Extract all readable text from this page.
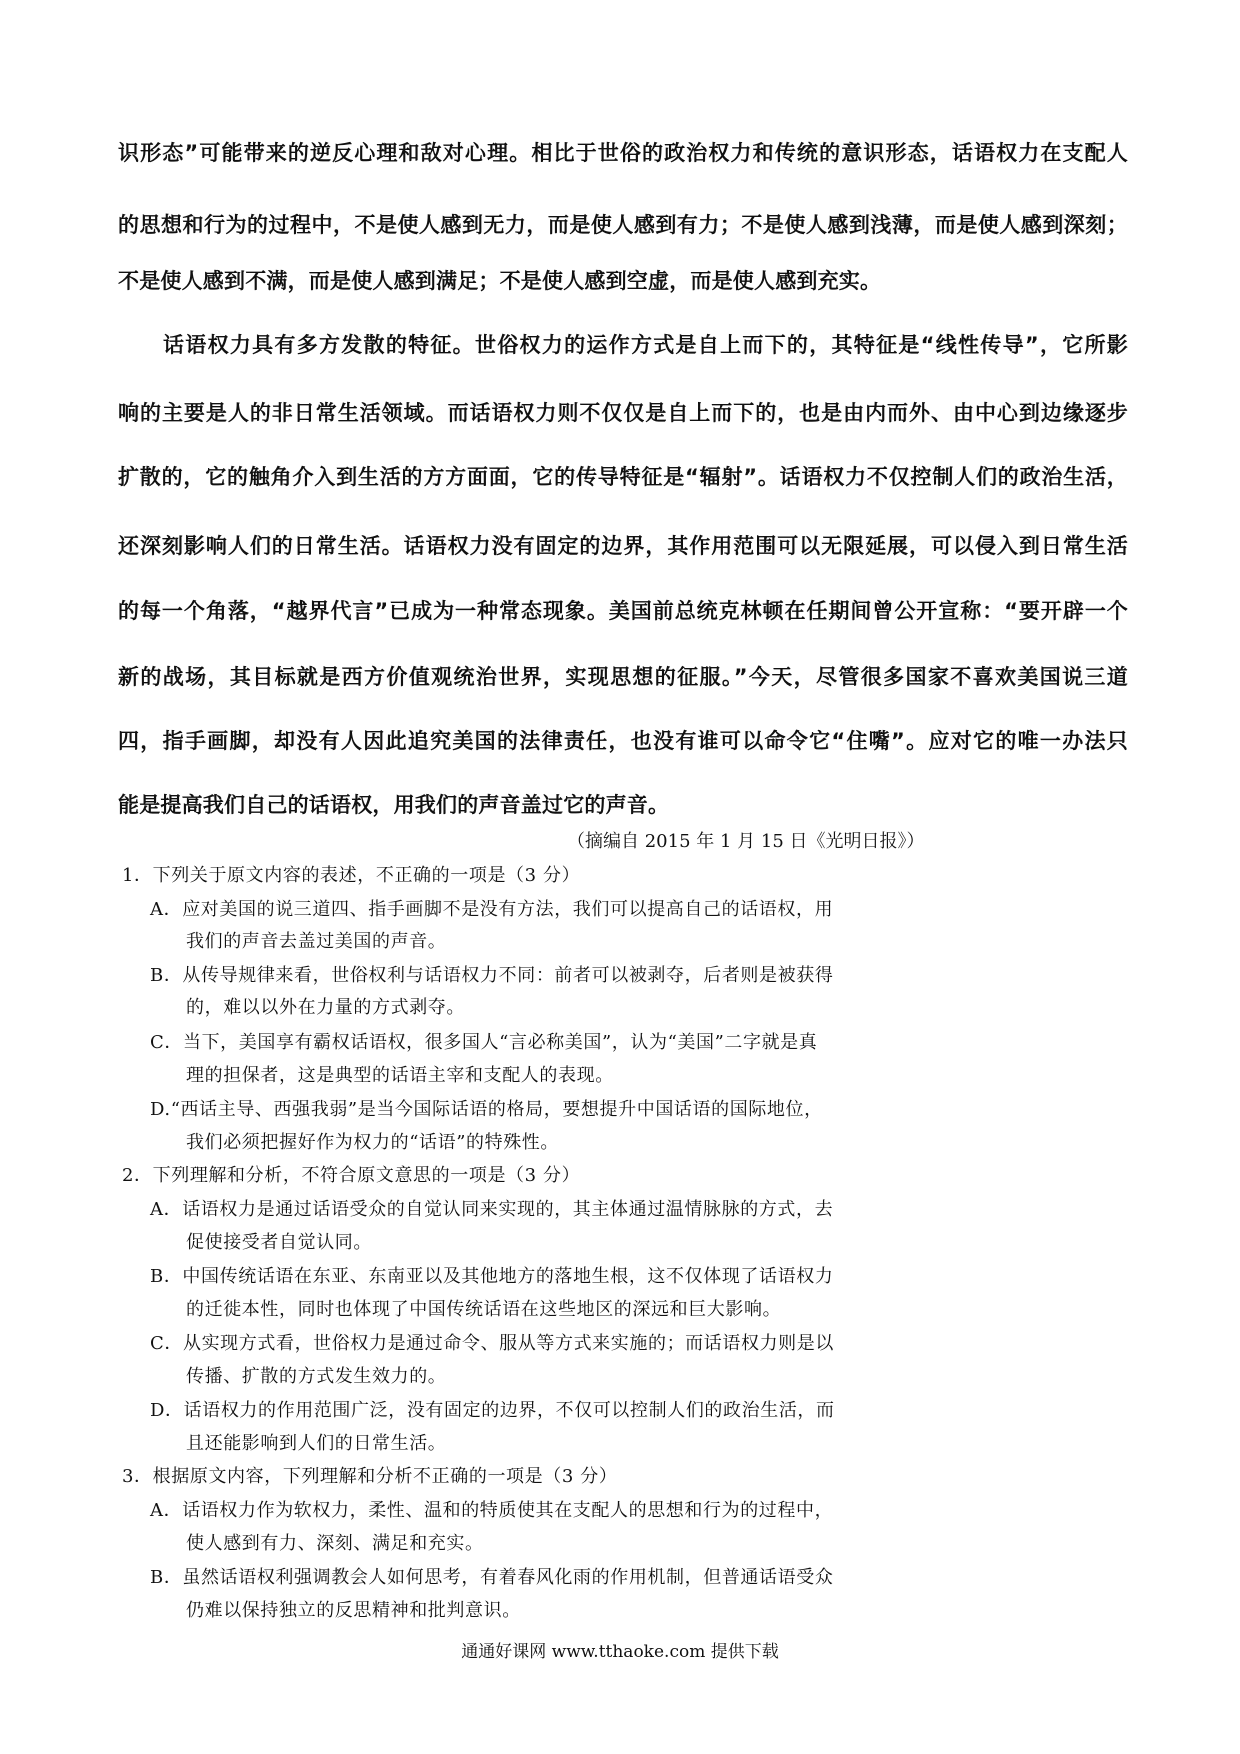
识形态”可能带来的逆反心理和敌对心理。相比于世俗的政治权力和传统的意识形态，话语权力在支配人
的思想和行为的过程中，不是使人感到无力，而是使人感到有力；不是使人感到浅薄，而是使人感到深刻；
不是使人感到不满，而是使人感到满足；不是使人感到空虚，而是使人感到充实。
话语权力具有多方发散的特征。世俗权力的运作方式是自上而下的，其特征是“线性传导”，它所影
响的主要是人的非日常生活领域。而话语权力则不仅仅是自上而下的，也是由内而外、由中心到边缘逐步
扩散的，它的触角介入到生活的方方面面，它的传导特征是“辐射”。话语权力不仅控制人们的政治生活，
还深刻影响人们的日常生活。话语权力没有固定的边界，其作用范围可以无限延展，可以侵入到日常生活
的每一个角落，“越界代言”已成为一种常态现象。美国前总统克林顿在任期间曾公开宣称：“要开辟一个
新的战场，其目标就是西方价值观统治世界，实现思想的征服。”今天，尽管很多国家不喜欢美国说三道
四，指手画脚，却没有人因此追究美国的法律责任，也没有谁可以命令它“住嘴”。应对它的唯一办法只
能是提高我们自己的话语权，用我们的声音盖过它的声音。
（摘编自 2015 年 1 月 15 日《光明日报》）
1．下列关于原文内容的表述，不正确的一项是（3 分）
A．应对美国的说三道四、指手画脚不是没有方法，我们可以提高自己的话语权，用
我们的声音去盖过美国的声音。
B．从传导规律来看，世俗权利与话语权力不同：前者可以被剥夺，后者则是被获得
的，难以以外在力量的方式剥夺。
C．当下，美国享有霸权话语权，很多国人“言必称美国”，认为“美国”二字就是真
理的担保者，这是典型的话语主宰和支配人的表现。
D.“西话主导、西强我弱”是当今国际话语的格局，要想提升中国话语的国际地位，
我们必须把握好作为权力的“话语”的特殊性。
2．下列理解和分析，不符合原文意思的一项是（3 分）
A．话语权力是通过话语受众的自觉认同来实现的，其主体通过温情脉脉的方式，去
促使接受者自觉认同。
B．中国传统话语在东亚、东南亚以及其他地方的落地生根，这不仅体现了话语权力
的迁徙本性，同时也体现了中国传统话语在这些地区的深远和巨大影响。
C．从实现方式看，世俗权力是通过命令、服从等方式来实施的；而话语权力则是以
传播、扩散的方式发生效力的。
D．话语权力的作用范围广泛，没有固定的边界，不仅可以控制人们的政治生活，而
且还能影响到人们的日常生活。
3．根据原文内容，下列理解和分析不正确的一项是（3 分）
A．话语权力作为软权力，柔性、温和的特质使其在支配人的思想和行为的过程中，
使人感到有力、深刻、满足和充实。
B．虽然话语权利强调教会人如何思考，有着春风化雨的作用机制，但普通话语受众
仍难以保持独立的反思精神和批判意识。
通通好课网 www.tthaoke.com 提供下载
